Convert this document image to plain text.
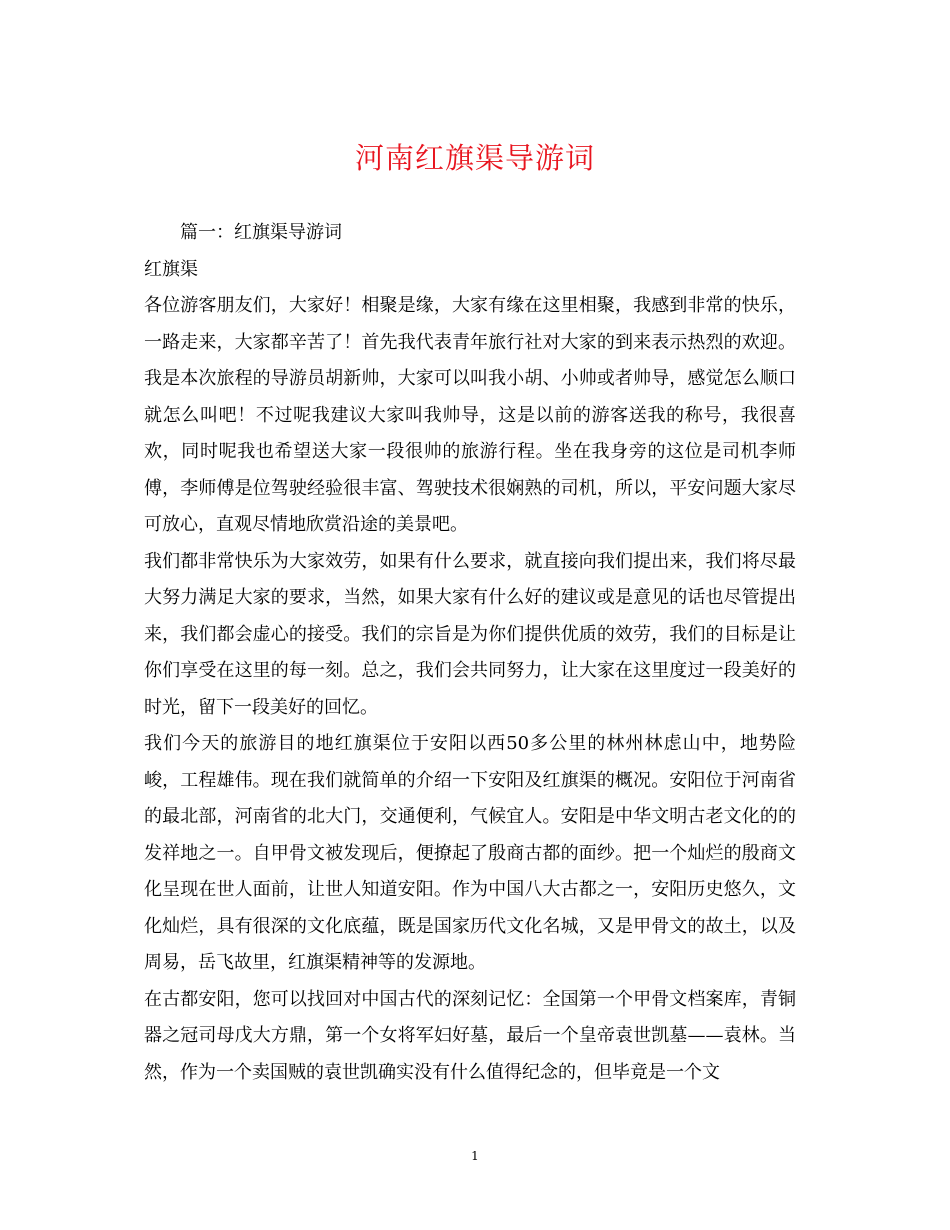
河南红旗渠导游词

篇一：红旗渠导游词

红旗渠

各位游客朋友们，大家好！相聚是缘，大家有缘在这里相聚，我感到非常的快乐，一路走来，大家都辛苦了！首先我代表青年旅行社对大家的到来表示热烈的欢迎。我是本次旅程的导游员胡新帅，大家可以叫我小胡、小帅或者帅导，感觉怎么顺口就怎么叫吧！不过呢我建议大家叫我帅导，这是以前的游客送我的称号，我很喜欢，同时呢我也希望送大家一段很帅的旅游行程。坐在我身旁的这位是司机李师傅，李师傅是位驾驶经验很丰富、驾驶技术很娴熟的司机，所以，平安问题大家尽可放心，直观尽情地欣赏沿途的美景吧。

我们都非常快乐为大家效劳，如果有什么要求，就直接向我们提出来，我们将尽最大努力满足大家的要求，当然，如果大家有什么好的建议或是意见的话也尽管提出来，我们都会虚心的接受。我们的宗旨是为你们提供优质的效劳，我们的目标是让你们享受在这里的每一刻。总之，我们会共同努力，让大家在这里度过一段美好的时光，留下一段美好的回忆。

我们今天的旅游目的地红旗渠位于安阳以西50多公里的林州林虑山中，地势险峻，工程雄伟。现在我们就简单的介绍一下安阳及红旗渠的概况。安阳位于河南省的最北部，河南省的北大门，交通便利，气候宜人。安阳是中华文明古老文化的的发祥地之一。自甲骨文被发现后，便撩起了殷商古都的面纱。把一个灿烂的殷商文化呈现在世人面前，让世人知道安阳。作为中国八大古都之一，安阳历史悠久，文化灿烂，具有很深的文化底蕴，既是国家历代文化名城，又是甲骨文的故土，以及周易，岳飞故里，红旗渠精神等的发源地。

在古都安阳，您可以找回对中国古代的深刻记忆：全国第一个甲骨文档案库，青铜器之冠司母戊大方鼎，第一个女将军妇好墓，最后一个皇帝袁世凯墓——袁林。当然，作为一个卖国贼的袁世凯确实没有什么值得纪念的，但毕竟是一个文

1
